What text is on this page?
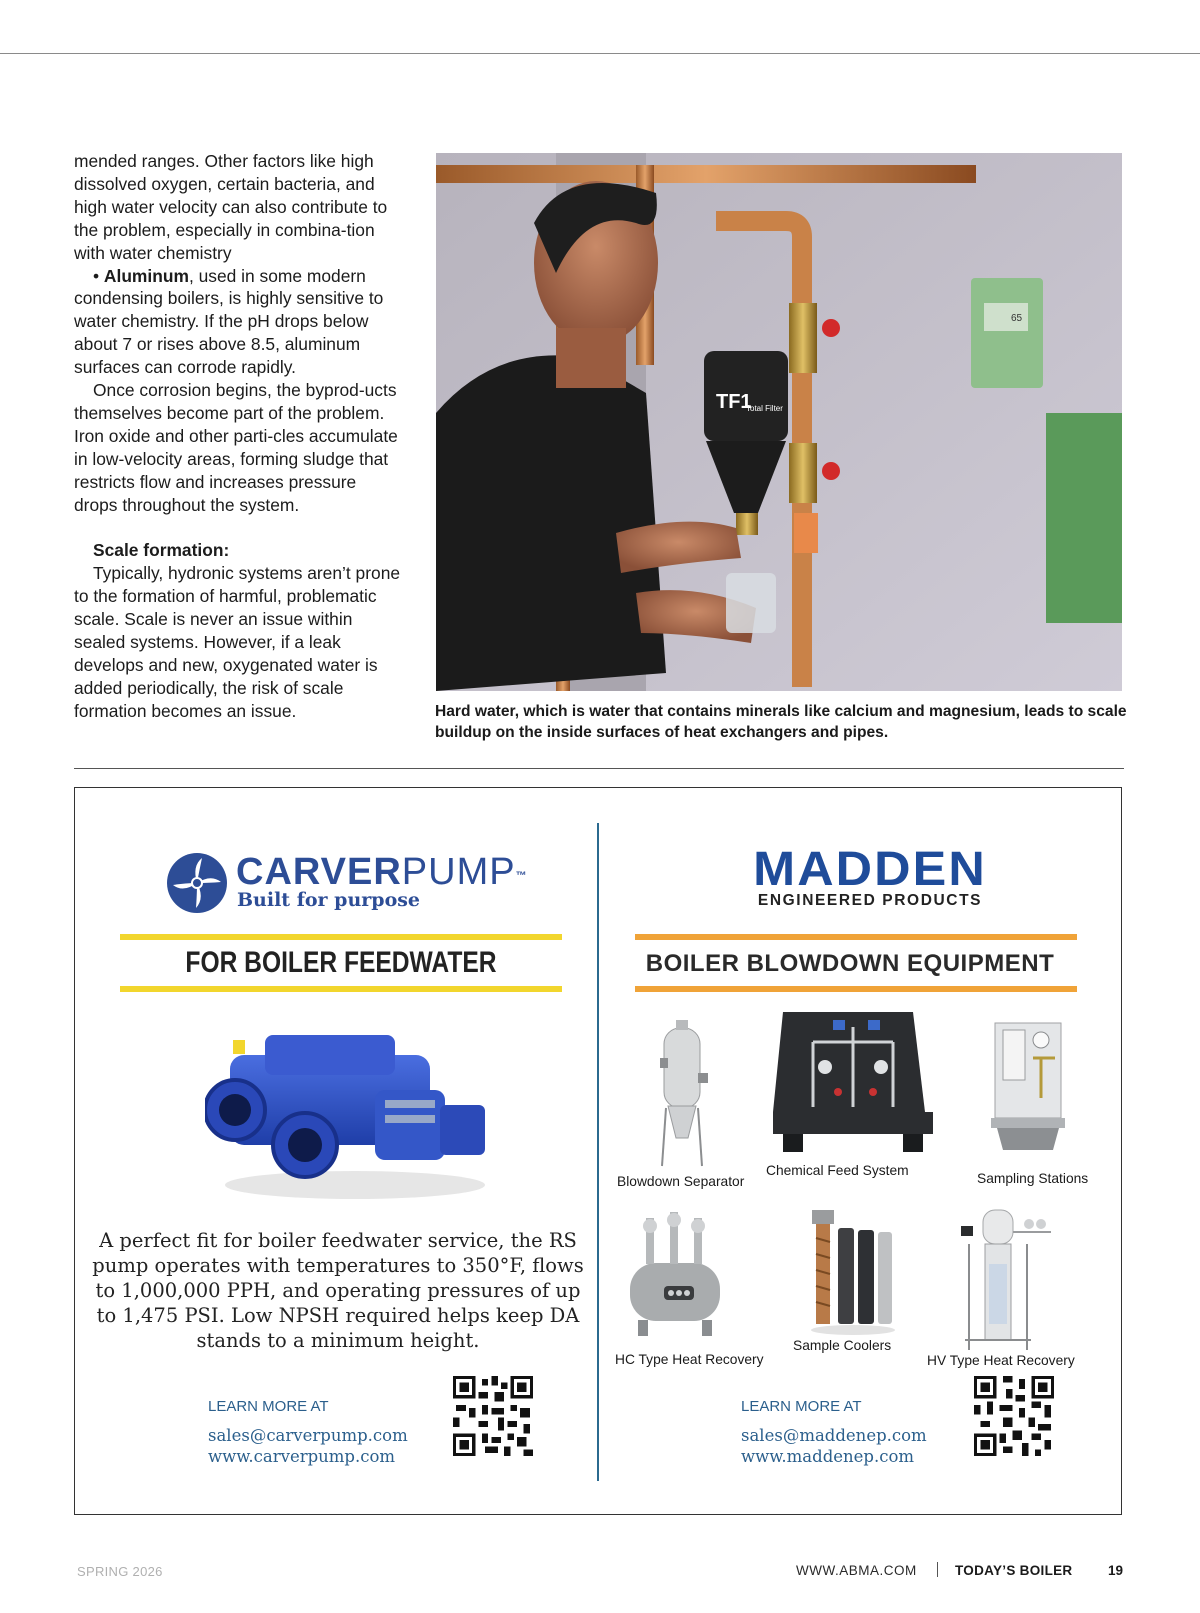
mended ranges. Other factors like high dissolved oxygen, certain bacteria, and high water velocity can also contribute to the problem, especially in combina-tion with water chemistry

• Aluminum, used in some modern condensing boilers, is highly sensitive to water chemistry. If the pH drops below about 7 or rises above 8.5, aluminum surfaces can corrode rapidly.

Once corrosion begins, the byprod-ucts themselves become part of the problem. Iron oxide and other parti-cles accumulate in low-velocity areas, forming sludge that restricts flow and increases pressure drops throughout the system.

Scale formation:

Typically, hydronic systems aren’t prone to the formation of harmful, problematic scale. Scale is never an issue within sealed systems. However, if a leak develops and new, oxygenated water is added periodically, the risk of scale formation becomes an issue.

TF1
Total Filter
65
Hard water, which is water that contains minerals like calcium and magnesium, leads to scale buildup on the inside surfaces of heat exchangers and pipes.
CARVERPUMP™
Built for purpose
FOR BOILER FEEDWATER
A perfect fit for boiler feedwater service, the RS pump operates with temperatures to 350°F, flows to 1,000,000 PPH, and operating pressures of up to 1,475 PSI. Low NPSH required helps keep DA stands to a minimum height.
LEARN MORE AT
sales@carverpump.com
www.carverpump.com
MADDEN
ENGINEERED PRODUCTS
BOILER BLOWDOWN EQUIPMENT
Blowdown Separator
Chemical Feed System
Sampling Stations
HC Type Heat Recovery
Sample Coolers
HV Type Heat Recovery
LEARN MORE AT
sales@maddenep.com
www.maddenep.com
SPRING 2026	WWW.ABMA.COM	TODAY’S BOILER	19
